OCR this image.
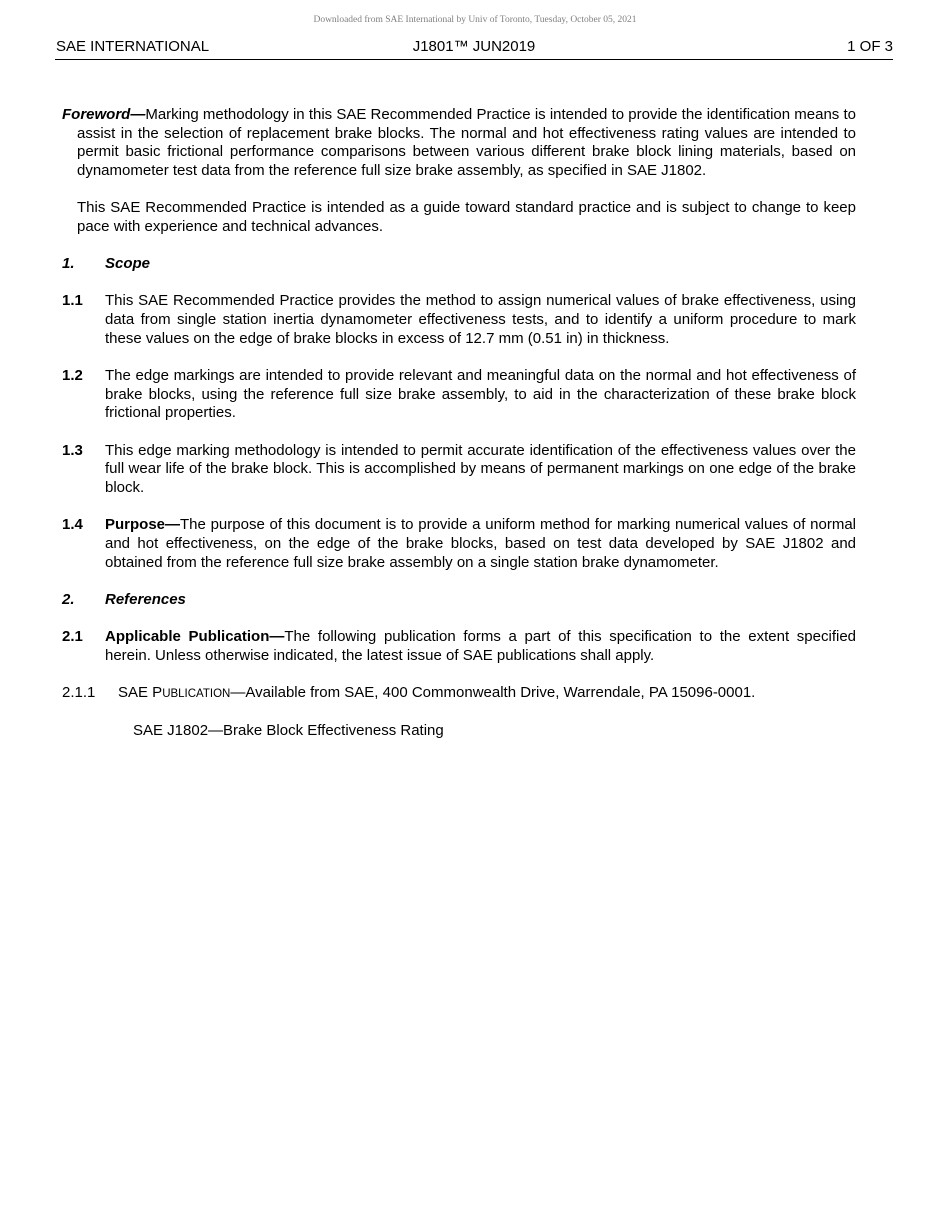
Downloaded from SAE International by Univ of Toronto, Tuesday, October 05, 2021
SAE INTERNATIONAL	J1801™ JUN2019	1 OF 3

Foreword—Marking methodology in this SAE Recommended Practice is intended to provide the identification means to assist in the selection of replacement brake blocks. The normal and hot effectiveness rating values are intended to permit basic frictional performance comparisons between various different brake block lining materials, based on dynamometer test data from the reference full size brake assembly, as specified in SAE J1802.

This SAE Recommended Practice is intended as a guide toward standard practice and is subject to change to keep pace with experience and technical advances.

1. Scope

1.1 This SAE Recommended Practice provides the method to assign numerical values of brake effectiveness, using data from single station inertia dynamometer effectiveness tests, and to identify a uniform procedure to mark these values on the edge of brake blocks in excess of 12.7 mm (0.51 in) in thickness.

1.2 The edge markings are intended to provide relevant and meaningful data on the normal and hot effectiveness of brake blocks, using the reference full size brake assembly, to aid in the characterization of these brake block frictional properties.

1.3 This edge marking methodology is intended to permit accurate identification of the effectiveness values over the full wear life of the brake block. This is accomplished by means of permanent markings on one edge of the brake block.

1.4 Purpose—The purpose of this document is to provide a uniform method for marking numerical values of normal and hot effectiveness, on the edge of the brake blocks, based on test data developed by SAE J1802 and obtained from the reference full size brake assembly on a single station brake dynamometer.

2. References

2.1 Applicable Publication—The following publication forms a part of this specification to the extent specified herein. Unless otherwise indicated, the latest issue of SAE publications shall apply.

2.1.1 SAE PUBLICATION—Available from SAE, 400 Commonwealth Drive, Warrendale, PA 15096-0001.

SAE J1802—Brake Block Effectiveness Rating
